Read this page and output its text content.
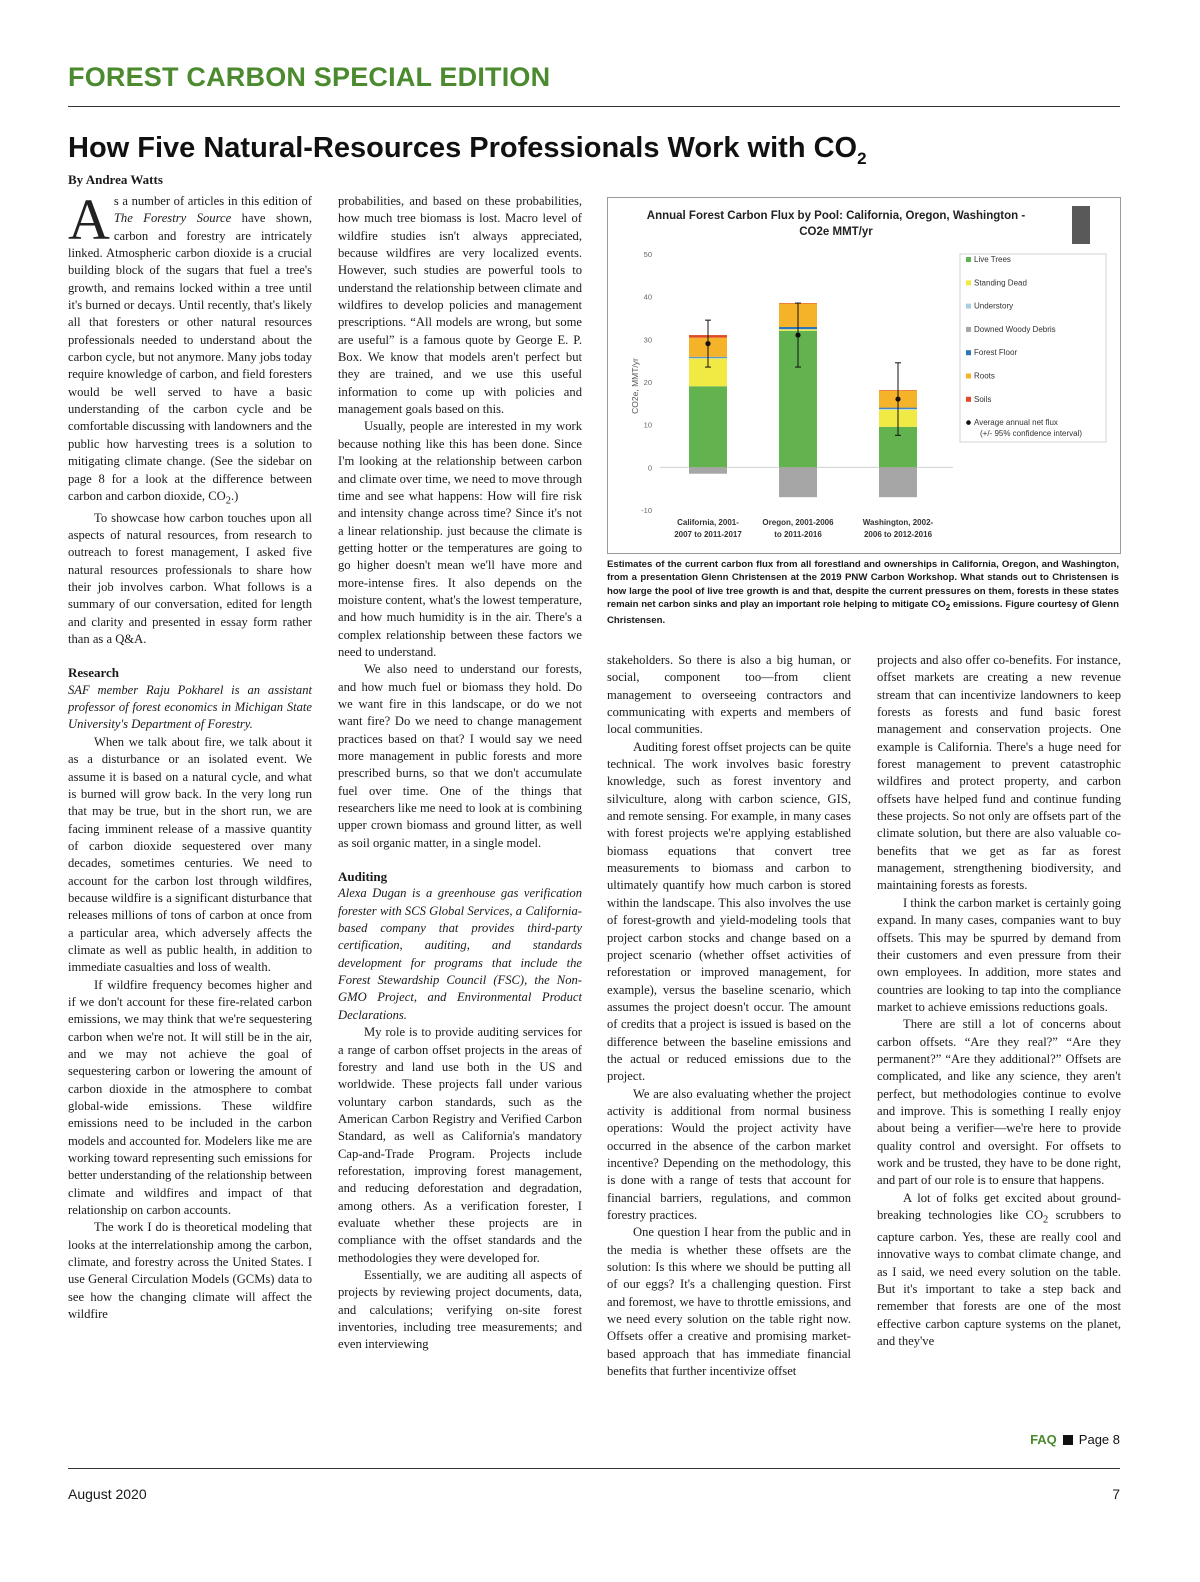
FOREST CARBON SPECIAL EDITION
How Five Natural-Resources Professionals Work with $CO_2$
By Andrea Watts

As a number of articles in this edition of The Forestry Source have shown, carbon and forestry are intricately linked. Atmospheric carbon dioxide is a crucial building block of the sugars that fuel a tree's growth, and remains locked within a tree until it's burned or decays. Until recently, that's likely all that foresters or other natural resources professionals needed to understand about the carbon cycle, but not anymore. Many jobs today require knowledge of carbon, and field foresters would be well served to have a basic understanding of the carbon cycle and be comfortable discussing with landowners and the public how harvesting trees is a solution to mitigating climate change. (See the sidebar on page 8 for a look at the difference between carbon and carbon dioxide, $CO_2$.)

To showcase how carbon touches upon all aspects of natural resources, from research to outreach to forest management, I asked five natural resources professionals to share how their job involves carbon. What follows is a summary of our conversation, edited for length and clarity and presented in essay form rather than as a Q&A.

Research

SAF member Raju Pokharel is an assistant professor of forest economics in Michigan State University's Department of Forestry.

When we talk about fire, we talk about it as a disturbance or an isolated event. We assume it is based on a natural cycle, and what is burned will grow back. In the very long run that may be true, but in the short run, we are facing imminent release of a massive quantity of carbon dioxide sequestered over many decades, sometimes centuries. We need to account for the carbon lost through wildfires, because wildfire is a significant disturbance that releases millions of tons of carbon at once from a particular area, which adversely affects the climate as well as public health, in addition to immediate casualties and loss of wealth.

If wildfire frequency becomes higher and if we don't account for these fire-related carbon emissions, we may think that we're sequestering carbon when we're not. It will still be in the air, and we may not achieve the goal of sequestering carbon or lowering the amount of carbon dioxide in the atmosphere to combat global-wide emissions. These wildfire emissions need to be included in the carbon models and accounted for. Modelers like me are working toward representing such emissions for better understanding of the relationship between climate and wildfires and impact of that relationship on carbon accounts.

The work I do is theoretical modeling that looks at the interrelationship among the carbon, climate, and forestry across the United States. I use General Circulation Models (GCMs) data to see how the changing climate will affect the wildfire

probabilities, and based on these probabilities, how much tree biomass is lost. Macro level of wildfire studies isn't always appreciated, because wildfires are very localized events. However, such studies are powerful tools to understand the relationship between climate and wildfires to develop policies and management prescriptions. “All models are wrong, but some are useful” is a famous quote by George E. P. Box. We know that models aren't perfect but they are trained, and we use this useful information to come up with policies and management goals based on this.

Usually, people are interested in my work because nothing like this has been done. Since I'm looking at the relationship between carbon and climate over time, we need to move through time and see what happens: How will fire risk and intensity change across time? Since it's not a linear relationship. just because the climate is getting hotter or the temperatures are going to go higher doesn't mean we'll have more and more-intense fires. It also depends on the moisture content, what's the lowest temperature, and how much humidity is in the air. There's a complex relationship between these factors we need to understand.

We also need to understand our forests, and how much fuel or biomass they hold. Do we want fire in this landscape, or do we not want fire? Do we need to change management practices based on that? I would say we need more management in public forests and more prescribed burns, so that we don't accumulate fuel over time. One of the things that researchers like me need to look at is combining upper crown biomass and ground litter, as well as soil organic matter, in a single model.

Auditing

Alexa Dugan is a greenhouse gas verification forester with SCS Global Services, a California-based company that provides third-party certification, auditing, and standards development for programs that include the Forest Stewardship Council (FSC), the Non-GMO Project, and Environmental Product Declarations.

My role is to provide auditing services for a range of carbon offset projects in the areas of forestry and land use both in the US and worldwide. These projects fall under various voluntary carbon standards, such as the American Carbon Registry and Verified Carbon Standard, as well as California's mandatory Cap-and-Trade Program. Projects include reforestation, improving forest management, and reducing deforestation and degradation, among others. As a verification forester, I evaluate whether these projects are in compliance with the offset standards and the methodologies they were developed for.

Essentially, we are auditing all aspects of projects by reviewing project documents, data, and calculations; verifying on-site forest inventories, including tree measurements; and even interviewing

Annual Forest Carbon Flux by Pool: California, Oregon, Washington -
CO2e MMT/yr
CO2e, MMT/yr
-10
0
10
20
30
40
50
California, 2001-
2007 to 2011-2017
Oregon, 2001-2006
to 2011-2016
Washington, 2002-
2006 to 2012-2016
Live Trees
Standing Dead
Understory
Downed Woody Debris
Forest Floor
Roots
Soils
Average annual net flux
(+/- 95% confidence interval)
Estimates of the current carbon flux from all forestland and ownerships in California, Oregon, and Washington, from a presentation Glenn Christensen at the 2019 PNW Carbon Workshop. What stands out to Christensen is how large the pool of live tree growth is and that, despite the current pressures on them, forests in these states remain net carbon sinks and play an important role helping to mitigate $CO_2$ emissions. Figure courtesy of Glenn Christensen.

stakeholders. So there is also a big human, or social, component too—from client management to overseeing contractors and communicating with experts and members of local communities.

Auditing forest offset projects can be quite technical. The work involves basic forestry knowledge, such as forest inventory and silviculture, along with carbon science, GIS, and remote sensing. For example, in many cases with forest projects we're applying established biomass equations that convert tree measurements to biomass and carbon to ultimately quantify how much carbon is stored within the landscape. This also involves the use of forest-growth and yield-modeling tools that project carbon stocks and change based on a project scenario (whether offset activities of reforestation or improved management, for example), versus the baseline scenario, which assumes the project doesn't occur. The amount of credits that a project is issued is based on the difference between the baseline emissions and the actual or reduced emissions due to the project.

We are also evaluating whether the project activity is additional from normal business operations: Would the project activity have occurred in the absence of the carbon market incentive? Depending on the methodology, this is done with a range of tests that account for financial barriers, regulations, and common forestry practices.

One question I hear from the public and in the media is whether these offsets are the solution: Is this where we should be putting all of our eggs? It's a challenging question. First and foremost, we have to throttle emissions, and we need every solution on the table right now. Offsets offer a creative and promising market-based approach that has immediate financial benefits that further incentivize offset

projects and also offer co-benefits. For instance, offset markets are creating a new revenue stream that can incentivize landowners to keep forests as forests and fund basic forest management and conservation projects. One example is California. There's a huge need for forest management to prevent catastrophic wildfires and protect property, and carbon offsets have helped fund and continue funding these projects. So not only are offsets part of the climate solution, but there are also valuable co-benefits that we get as far as forest management, strengthening biodiversity, and maintaining forests as forests.

I think the carbon market is certainly going expand. In many cases, companies want to buy offsets. This may be spurred by demand from their customers and even pressure from their own employees. In addition, more states and countries are looking to tap into the compliance market to achieve emissions reductions goals.

There are still a lot of concerns about carbon offsets. “Are they real?” “Are they permanent?” “Are they additional?” Offsets are complicated, and like any science, they aren't perfect, but methodologies continue to evolve and improve. This is something I really enjoy about being a verifier—we're here to provide quality control and oversight. For offsets to work and be trusted, they have to be done right, and part of our role is to ensure that happens.

A lot of folks get excited about ground-breaking technologies like $CO_2$ scrubbers to capture carbon. Yes, these are really cool and innovative ways to combat climate change, and as I said, we need every solution on the table. But it's important to take a step back and remember that forests are one of the most effective carbon capture systems on the planet, and they've

FAQ Page 8
August 2020	7
